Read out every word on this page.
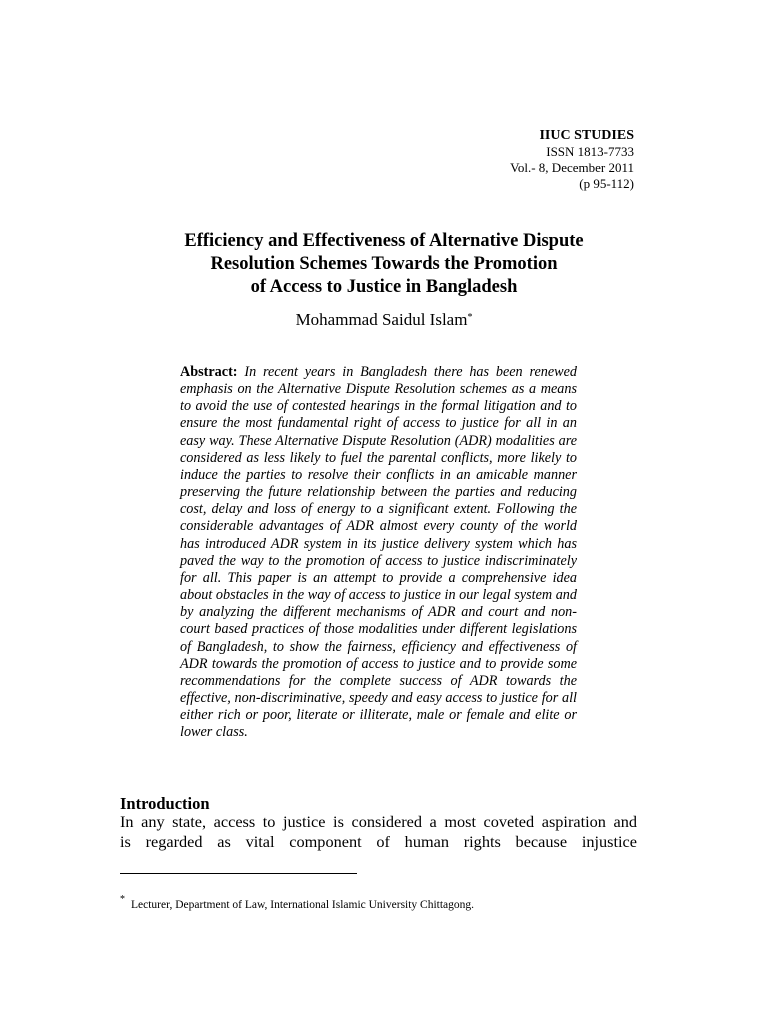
IIUC STUDIES
ISSN 1813-7733
Vol.- 8, December 2011
(p 95-112)
Efficiency and Effectiveness of Alternative Dispute
Resolution Schemes Towards the Promotion
of Access to Justice in Bangladesh
Mohammad Saidul Islam*
Abstract: In recent years in Bangladesh there has been renewed emphasis on the Alternative Dispute Resolution schemes as a means to avoid the use of contested hearings in the formal litigation and to ensure the most fundamental right of access to justice for all in an easy way. These Alternative Dispute Resolution (ADR) modalities are considered as less likely to fuel the parental conflicts, more likely to induce the parties to resolve their conflicts in an amicable manner preserving the future relationship between the parties and reducing cost, delay and loss of energy to a significant extent. Following the considerable advantages of ADR almost every county of the world has introduced ADR system in its justice delivery system which has paved the way to the promotion of access to justice indiscriminately for all. This paper is an attempt to provide a comprehensive idea about obstacles in the way of access to justice in our legal system and by analyzing the different mechanisms of ADR and court and non-court based practices of those modalities under different legislations of Bangladesh, to show the fairness, efficiency and effectiveness of ADR towards the promotion of access to justice and to provide some recommendations for the complete success of ADR towards the effective, non-discriminative, speedy and easy access to justice for all either rich or poor, literate or illiterate, male or female and elite or lower class.
Introduction
In any state, access to justice is considered a most coveted aspiration and
is regarded as vital component of human rights because injustice
* Lecturer, Department of Law, International Islamic University Chittagong.
